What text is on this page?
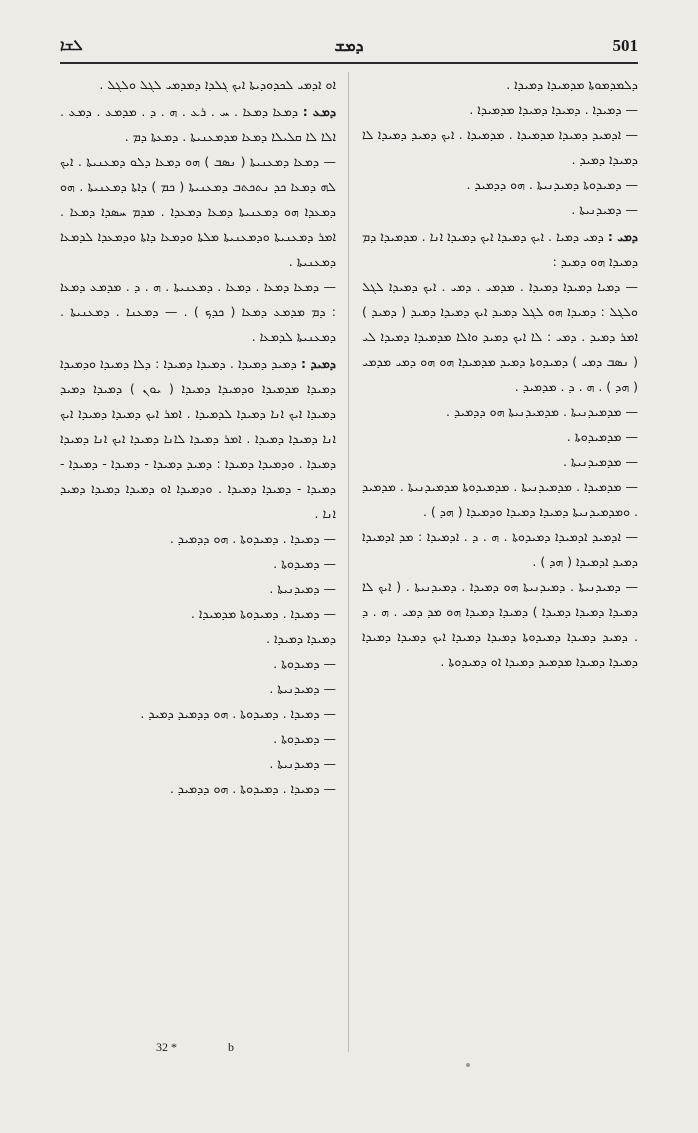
ܠܫܐ	ܕܡܫ	501

ܕܠܡܕܡܘܬܐ ܡܕܡܝܕܐ ܕܡܝܕܐ .

— ܕܡܝܕܐ . ܕܡܝܕܐ ܕܡܝܕܐ ܡܕܡܝܕܐ .

— ܐܕܡܝܕ ܕܡܝܕܐ ܡܕܡܝܕܐ . ܡܕܡܝܕܐ . ܐܝܟ ܕܡܝܕ ܕܡܝܕܐ ܠܐ ܕܡܝܕܐ ܕܡܝܕ .

— ܕܡܝܕܘܬܐ ܕܡܝܕܢܝܬܐ . ܗܘ ܕܕܡܝܕ .

— ܕܡܝܕܢܝܬܐ .

ܕܡܝ : ܕܡܝ ܕܡܝܐ . ܐܝܟ ܕܡܝܕܐ ܐܝܟ ܕܡܝܕܐ ܐܢܐ . ܡܕܡܝܕܐ ܕܡ ܕܡܝܕܐ ܗܘ ܕܡܝܕ :

— ܕܡܝܐ ܕܡܝܕܐ ܕܡܝܕܐ . ܡܕܡܝ . ܕܡܝ . ܐܝܟ ܕܡܝܕܐ ܠܓܠ ܘܠܓܠ : ܕܡܝܕܐ ܗܘ ܠܓܠ ܕܡܝܕ ܐܝܟ ܕܡܝܕܐ ܕܡܝܕ ( ܕܡܝܕ ) ܐܡܪ ܕܡܝܕ . ܕܡܝ : ܠܐ ܐܝܟ ܕܡܝܕ ܘܐܠܐ ܡܕܡܝܕܐ ܕܡܝܕܐ ܠܝ ( ܢܣܒ ܕܡܝ ) ܕܡܝܕܘܬܐ ܕܡܝܕ ܡܕܡܝܕܐ ܗܘ ܗܘ ܕܡܝ ܡܕܡܝ ( ܗܕ ) . ܗ . ܕ . ܡܕܡܝܕ .

— ܡܕܡܝܕܢܝܬܐ . ܡܕܡܝܕܢܝܬܐ ܗܘ ܕܕܡܝܕ .

— ܡܕܡܝܕܘܬܐ .

— ܡܕܡܝܕܢܝܬܐ .

— ܡܕܡܝܕܐ . ܡܕܡܝܕܢܝܬܐ . ܡܕܡܝܕܘܬܐ ܡܕܡܝܕܢܝܬܐ . ܡܕܡܝܕ . ܘܡܕܡܝܕܢܝܬܐ ܕܡܝܕܐ ܕܡܝܕܐ ܘܕܡܝܕܐ ( ܗܕ ) .

— ܐܕܡܝܕ ܐܕܡܝܕܐ ܕܡܝܕܘܬܐ . ܗ . ܕ . ܐܕܡܝܕܐ : ܡܕ ܐܕܡܝܕܐ ܕܡܝܕ ܐܕܡܝܕܐ ( ܗܕ ) .

— ܕܡܝܕܢܝܬܐ . ܕܡܝܕܢܝܬܐ ܗܘ ܕܡܝܕܐ . ܕܡܝܕܢܝܬܐ . ( ܐܝܟ ܠܐ ܕܡܝܕܐ ܕܡܝܕܐ ܕܡܝܕܐ ) ܕܡܝܕܐ ܕܡܝܕܐ ܗܘ ܡܕ ܕܡܝ . ܗ . ܕ . ܕܡܝܕ ܕܡܝܕܐ ܕܡܝܕܘܬܐ ܕܡܝܕܐ ܕܡܝܕܐ ܐܝܟ ܕܡܝܕܐ ܕܡܝܕܐ ܕܡܝܕܐ ܕܡܝܕܐ ܡܕܡܝܕ ܕܡܝܕܐ ܐܘ ܕܡܝܕܘܬܐ .

ܐܘ ܐܕܡܝ ܠܟܕܘܕܝܬܐ ܐܝܟ ܓܠܕܐ ܕܡܕܡܝ ܠܓܠ ܘܠܓܠ .

ܕܡܥ : ܕܡܥܐ ܕܡܥܐ . ܚ . ܪܥ . ܗ . ܕ . ܡܕܡܥ . ܕܡܥ . ܐܠܐ ܠܐ ܩܠܝܠܐ ܕܡܥܐ ܡܕܡܥܢܝܬܐ . ܕܡܥܬܐ ܕܡ .

— ܕܡܥܐ ܕܡܥܢܝܬܐ ( ܢܣܒ ) ܗܘ ܕܡܥܐ ܕܠܘ ܕܡܥܢܝܬܐ . ܐܝܟ ܠܗ ܕܡܥܐ ܟܕ ܢܬܟܬܒ ܕܡܥܢܝܬܐ ( ܟܡ ) ܕܐܬܐ ܕܡܥܢܝܬܐ . ܗܘ ܕܡܥܕܐ ܗܘ ܕܡܥܢܝܬܐ ܕܡܥܐ ܕܡܥܕܐ . ܡܕܡ ܚܣܕܐ ܕܡܥܐ . ܐܡܪ ܕܡܥܢܝܬܐ ܘܕܡܥܢܝܬܐ ܡܠܬܐ ܘܕܡܥܐ ܕܐܬܐ ܘܕܡܥܕܐ ܠܕܡܥܐ ܕܡܥܢܝܬܐ .

— ܕܡܥܐ ܕܡܥܐ . ܕܡܥܐ . ܕܡܥܢܝܬܐ . ܗ . ܕ . ܡܕܡܥ ܕܡܥܐ : ܕܡ ܡܕܡܥ ܕܡܥܐ ( ܟܕܟ ) . — ܕܡܥܢܐ . ܕܡܥܢܝܬܐ . ܕܡܥܢܝܬܐ ܠܕܡܥܐ .

ܕܡܝܕ : ܕܡܝܕ ܕܡܝܕܐ . ܕܡܝܕܐ ܕܡܝܕܐ : ܕܠܐ ܕܡܝܕܐ ܘܕܡܝܕܐ ܕܡܝܕܐ ܡܕܡܝܕܐ ܘܕܡܝܕܐ ܕܡܝܕܐ ( ܝܘܢ ) ܕܡܝܕܐ ܕܡܝܕ ܕܡܝܕܐ ܐܝܟ ܐܢܐ ܕܡܝܕܐ ܠܕܡܝܕܐ . ܐܡܪ ܐܝܟ ܕܡܝܕܐ ܕܡܝܕܐ ܐܝܟ ܐܢܐ ܕܡܝܕܐ ܕܡܝܕܐ . ܐܡܪ ܕܡܝܕܐ ܠܐܢܐ ܕܡܝܕܐ ܐܝܟ ܐܢܐ ܕܡܝܕܐ ܕܡܝܕܐ . ܘܕܡܝܕܐ ܕܡܝܕܐ : ܕܡܝܕ ܕܡܝܕܐ - ܕܡܝܕܐ - ܕܡܝܕܐ - ܕܡܝܕܐ - ܕܡܝܕܐ ܕܡܝܕܐ . ܘܕܡܝܕܐ ܐܘ ܕܡܝܕܐ ܕܡܝܕܐ ܕܡܝܕ ܐܢܐ .

— ܕܡܝܕܐ . ܕܡܝܕܘܬܐ . ܗܘ ܕܕܡܝܕ .

— ܕܡܝܕܘܬܐ .

— ܕܡܝܕܢܝܬܐ .

— ܕܡܝܕܐ . ܕܡܝܕܘܬܐ ܡܕܡܝܕܐ .

ܕܡܝܕܐ ܕܡܝܕܐ .

— ܕܡܝܕܘܬܐ .

— ܕܡܝܕܢܝܬܐ .

— ܕܡܝܕܐ . ܕܡܝܕܘܬܐ . ܗܘ ܕܕܡܝܕ ܕܡܝܕ .

— ܕܡܝܕܘܬܐ .

— ܕܡܝܕܢܝܬܐ .

— ܕܡܝܕܐ . ܕܡܝܕܘܬܐ . ܗܘ ܕܕܡܝܕ .

32 *	b
